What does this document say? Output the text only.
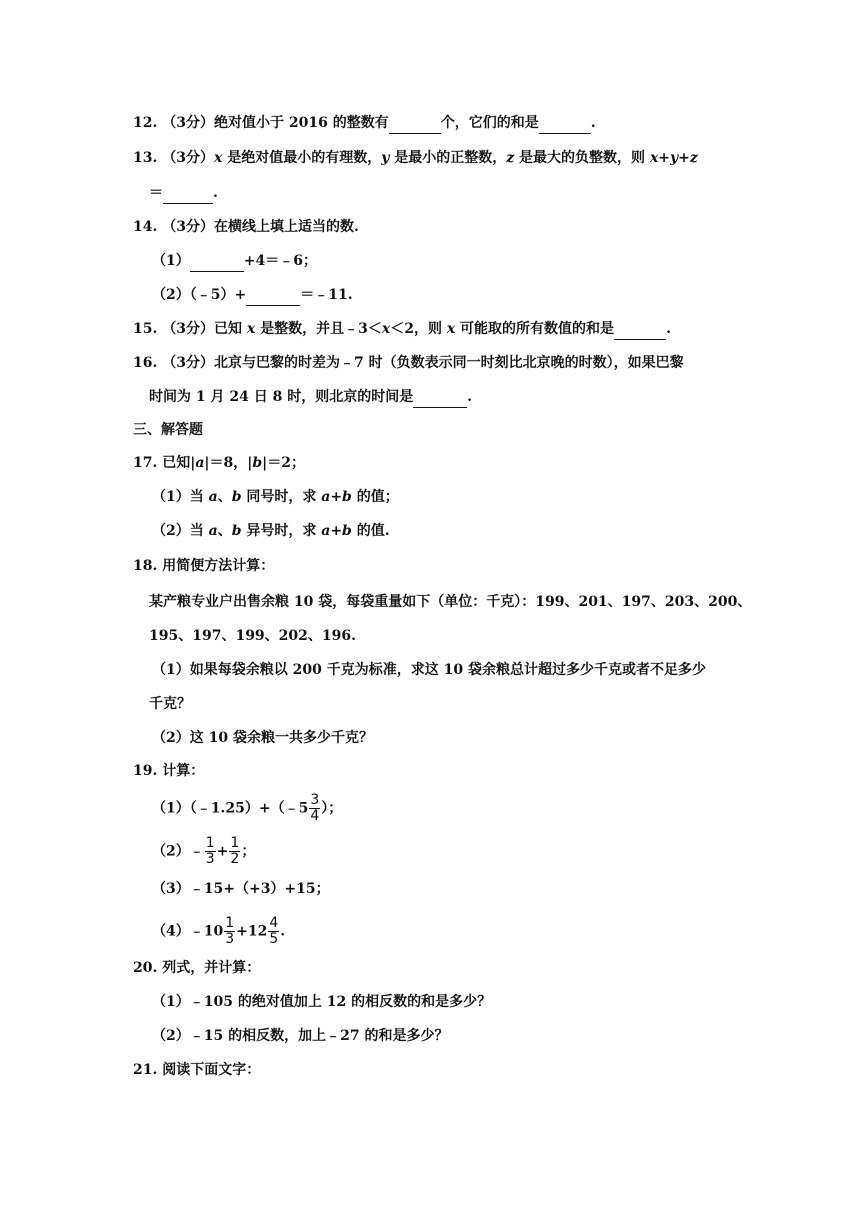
12. （3分）绝对值小于 2016 的整数有	个，它们的和是	.
13. （3分）x 是绝对值最小的有理数，y 是最小的正整数，z 是最大的负整数，则 x+y+z
＝	.
14. （3分）在横线上填上适当的数.
（1）	+4＝﹣6；
（2）（﹣5）+	＝﹣11.
15. （3分）已知 x 是整数，并且﹣3＜x＜2，则 x 可能取的所有数值的和是	.
16. （3分）北京与巴黎的时差为﹣7 时（负数表示同一时刻比北京晚的时数），如果巴黎
时间为 1 月 24 日 8 时，则北京的时间是	.
三、解答题
17. 已知|a|＝8，|b|＝2；
（1）当 a、b 同号时，求 a+b 的值；
（2）当 a、b 异号时，求 a+b 的值.
18. 用简便方法计算：
某产粮专业户出售余粮 10 袋，每袋重量如下（单位：千克）：199、201、197、203、200、
195、197、199、202、196.
（1）如果每袋余粮以 200 千克为标准，求这 10 袋余粮总计超过多少千克或者不足多少
千克？
（2）这 10 袋余粮一共多少千克？
19. 计算：
（1）（﹣1.25）+（﹣5 $\frac{3}{4}$ ）；
（2）﹣ $\frac{1}{3} + \frac{1}{2}$ ；
（3）﹣15+（+3）+15；
（4）﹣10 $\frac{1}{3} +12 \frac{4}{5}$ .
20. 列式，并计算：
（1）﹣105 的绝对值加上 12 的相反数的和是多少？
（2）﹣15 的相反数，加上﹣27 的和是多少？
21. 阅读下面文字：
